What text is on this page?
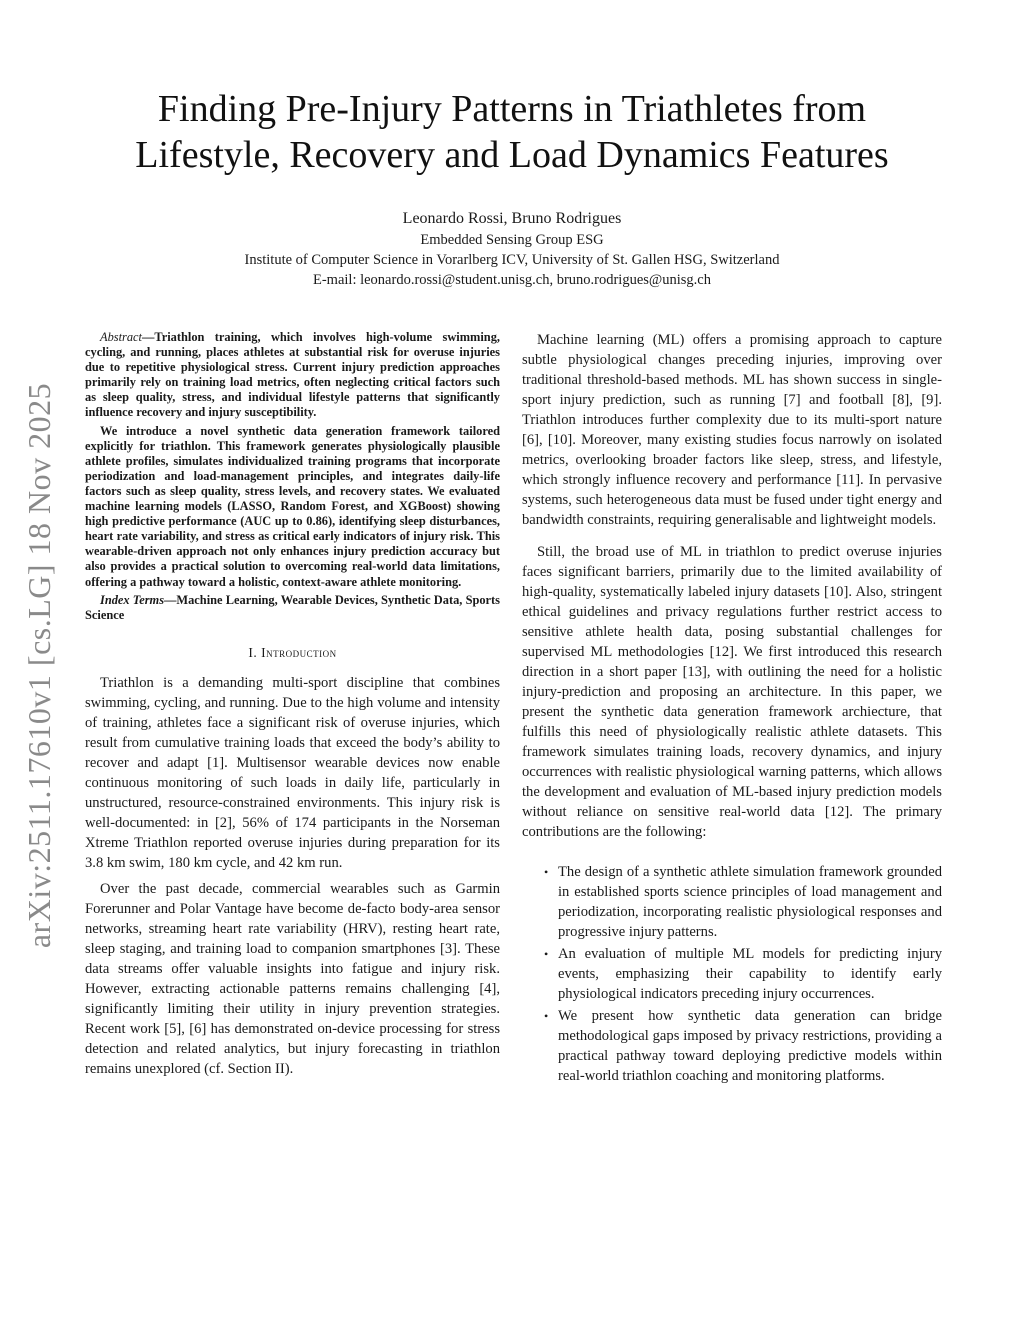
arXiv:2511.17610v1 [cs.LG] 18 Nov 2025
Finding Pre-Injury Patterns in Triathletes from
Lifestyle, Recovery and Load Dynamics Features
Leonardo Rossi, Bruno Rodrigues
Embedded Sensing Group ESG
Institute of Computer Science in Vorarlberg ICV, University of St. Gallen HSG, Switzerland
E-mail: leonardo.rossi@student.unisg.ch, bruno.rodrigues@unisg.ch

Abstract—Triathlon training, which involves high-volume swimming, cycling, and running, places athletes at substantial risk for overuse injuries due to repetitive physiological stress. Current injury prediction approaches primarily rely on training load metrics, often neglecting critical factors such as sleep quality, stress, and individual lifestyle patterns that significantly influence recovery and injury susceptibility.

We introduce a novel synthetic data generation framework tailored explicitly for triathlon. This framework generates physiologically plausible athlete profiles, simulates individualized training programs that incorporate periodization and load-management principles, and integrates daily-life factors such as sleep quality, stress levels, and recovery states. We evaluated machine learning models (LASSO, Random Forest, and XGBoost) showing high predictive performance (AUC up to 0.86), identifying sleep disturbances, heart rate variability, and stress as critical early indicators of injury risk. This wearable-driven approach not only enhances injury prediction accuracy but also provides a practical solution to overcoming real-world data limitations, offering a pathway toward a holistic, context-aware athlete monitoring.

Index Terms—Machine Learning, Wearable Devices, Synthetic Data, Sports Science

I. Introduction

Triathlon is a demanding multi-sport discipline that combines swimming, cycling, and running. Due to the high volume and intensity of training, athletes face a significant risk of overuse injuries, which result from cumulative training loads that exceed the body’s ability to recover and adapt [1]. Multisensor wearable devices now enable continuous monitoring of such loads in daily life, particularly in unstructured, resource-constrained environments. This injury risk is well-documented: in [2], 56% of 174 participants in the Norseman Xtreme Triathlon reported overuse injuries during preparation for its 3.8 km swim, 180 km cycle, and 42 km run.

Over the past decade, commercial wearables such as Garmin Forerunner and Polar Vantage have become de-facto body-area sensor networks, streaming heart rate variability (HRV), resting heart rate, sleep staging, and training load to companion smartphones [3]. These data streams offer valuable insights into fatigue and injury risk. However, extracting actionable patterns remains challenging [4], significantly limiting their utility in injury prevention strategies. Recent work [5], [6] has demonstrated on-device processing for stress detection and related analytics, but injury forecasting in triathlon remains unexplored (cf. Section II).

Machine learning (ML) offers a promising approach to capture subtle physiological changes preceding injuries, improving over traditional threshold-based methods. ML has shown success in single-sport injury prediction, such as running [7] and football [8], [9]. Triathlon introduces further complexity due to its multi-sport nature [6], [10]. Moreover, many existing studies focus narrowly on isolated metrics, overlooking broader factors like sleep, stress, and lifestyle, which strongly influence recovery and performance [11]. In pervasive systems, such heterogeneous data must be fused under tight energy and bandwidth constraints, requiring generalisable and lightweight models.

Still, the broad use of ML in triathlon to predict overuse injuries faces significant barriers, primarily due to the limited availability of high-quality, systematically labeled injury datasets [10]. Also, stringent ethical guidelines and privacy regulations further restrict access to sensitive athlete health data, posing substantial challenges for supervised ML methodologies [12]. We first introduced this research direction in a short paper [13], with outlining the need for a holistic injury-prediction and proposing an architecture. In this paper, we present the synthetic data generation framework archiecture, that fulfills this need of physiologically realistic athlete datasets. This framework simulates training loads, recovery dynamics, and injury occurrences with realistic physiological warning patterns, which allows the development and evaluation of ML-based injury prediction models without reliance on sensitive real-world data [12]. The primary contributions are the following:

• The design of a synthetic athlete simulation framework grounded in established sports science principles of load management and periodization, incorporating realistic physiological responses and progressive injury patterns.
• An evaluation of multiple ML models for predicting injury events, emphasizing their capability to identify early physiological indicators preceding injury occurrences.
• We present how synthetic data generation can bridge methodological gaps imposed by privacy restrictions, providing a practical pathway toward deploying predictive models within real-world triathlon coaching and monitoring platforms.
